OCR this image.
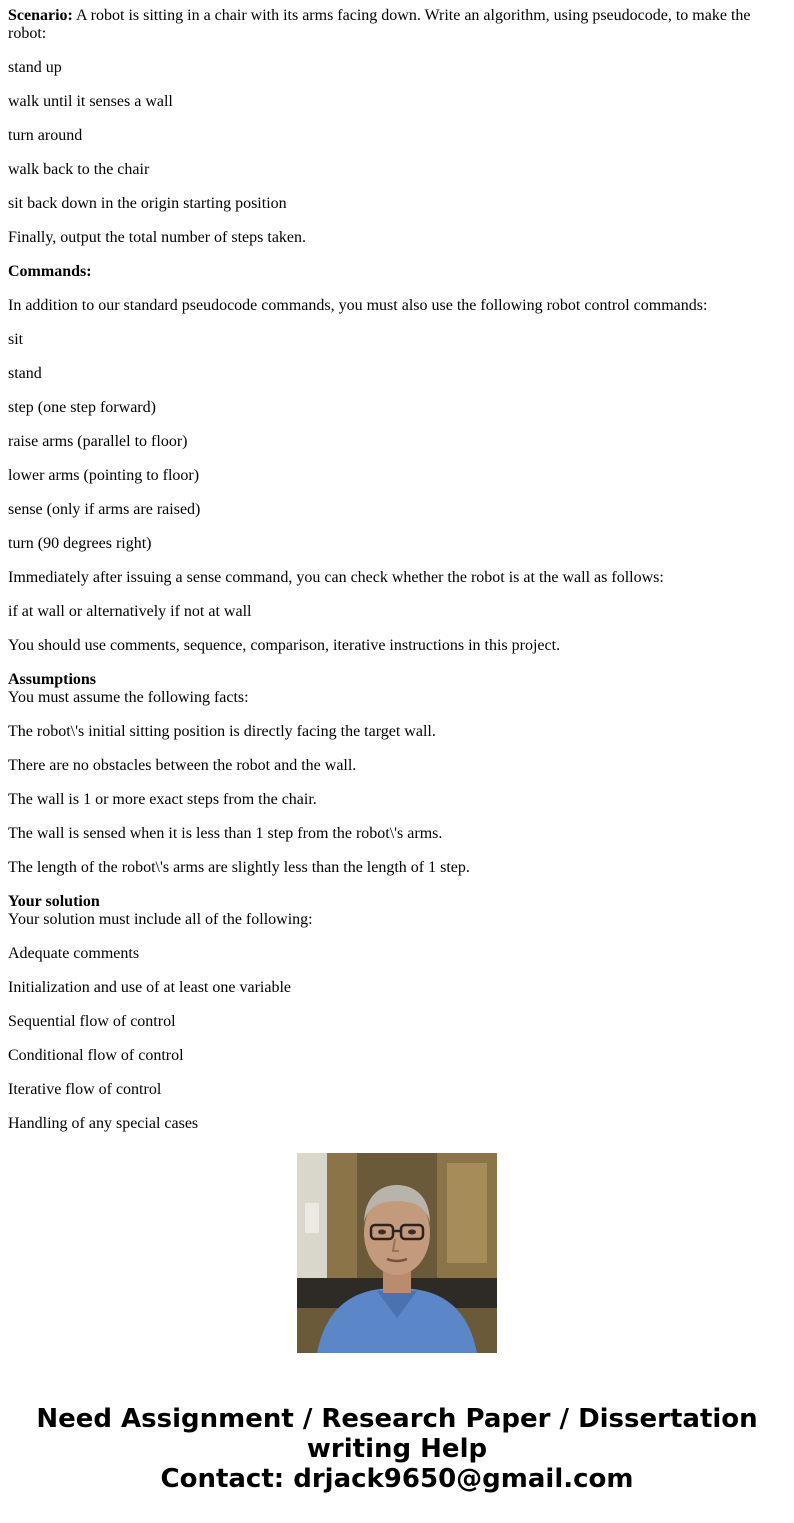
Scenario: A robot is sitting in a chair with its arms facing down. Write an algorithm, using pseudocode, to make the robot:

stand up

walk until it senses a wall

turn around

walk back to the chair

sit back down in the origin starting position

Finally, output the total number of steps taken.

Commands:

In addition to our standard pseudocode commands, you must also use the following robot control commands:

sit

stand

step (one step forward)

raise arms (parallel to floor)

lower arms (pointing to floor)

sense (only if arms are raised)

turn (90 degrees right)

Immediately after issuing a sense command, you can check whether the robot is at the wall as follows:

if at wall or alternatively if not at wall

You should use comments, sequence, comparison, iterative instructions in this project.

Assumptions

You must assume the following facts:

The robot\'s initial sitting position is directly facing the target wall.

There are no obstacles between the robot and the wall.

The wall is 1 or more exact steps from the chair.

The wall is sensed when it is less than 1 step from the robot\'s arms.

The length of the robot\'s arms are slightly less than the length of 1 step.

Your solution

Your solution must include all of the following:

Adequate comments

Initialization and use of at least one variable

Sequential flow of control

Conditional flow of control

Iterative flow of control

Handling of any special cases

Need Assignment / Research Paper / Dissertation
writing Help
Contact: drjack9650@gmail.com
